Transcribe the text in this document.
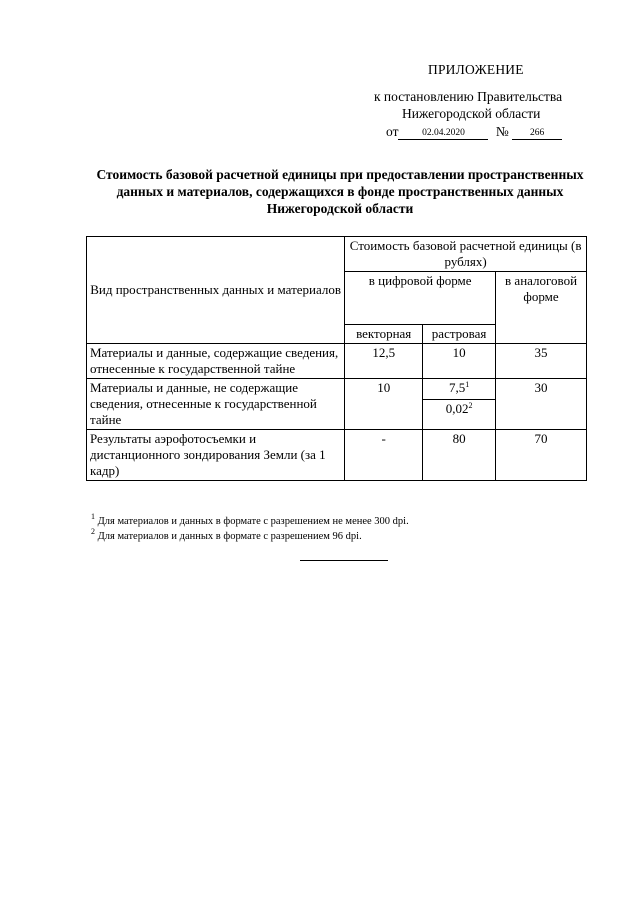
ПРИЛОЖЕНИЕ
к постановлению Правительства
Нижегородской области
от 02.04.2020 № 266
Стоимость базовой расчетной единицы при предоставлении пространственных данных и материалов, содержащихся в фонде пространственных данных Нижегородской области
Вид пространственных данных и материалов	Стоимость базовой расчетной единицы (в рублях)		
	в цифровой форме		в аналоговой форме
	векторная	растровая	
Материалы и данные, содержащие сведения, отнесенные к государственной тайне	12,5	10	35
Материалы и данные, не содержащие сведения, отнесенные к государственной тайне	10	$7,5^1$	30
		0,02$^2$
Результаты аэрофотосъемки и дистанционного зондирования Земли (за 1 кадр)	-	80	70
$^1$ Для материалов и данных в формате с разрешением не менее 300 dpi.
$^2$ Для материалов и данных в формате с разрешением 96 dpi.
